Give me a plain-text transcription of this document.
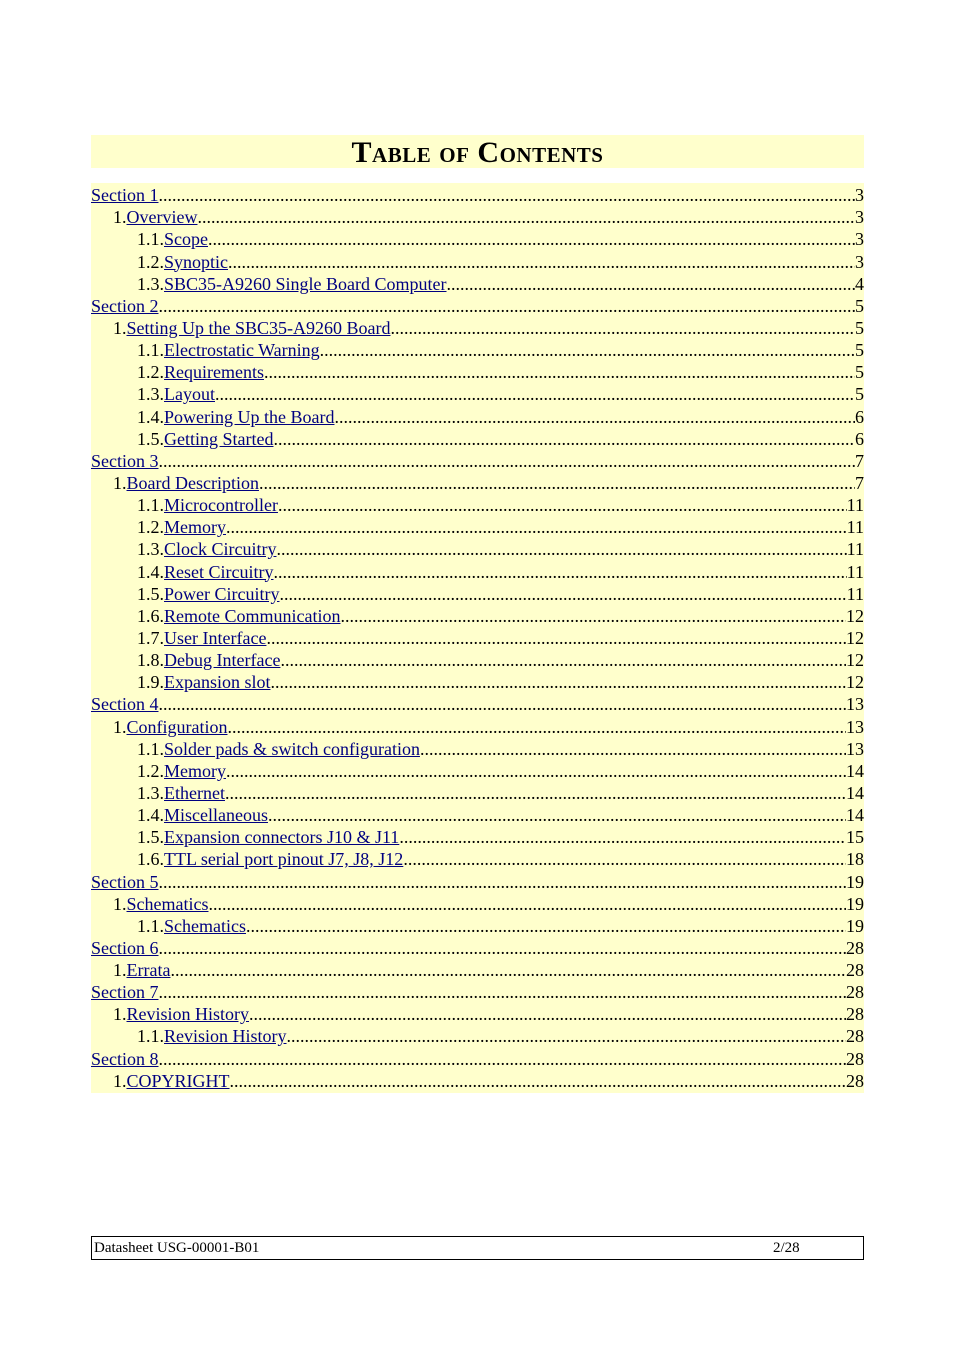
Table of Contents
Section 1 .....	3
1. Overview .....	3
1.1. Scope .....	3
1.2. Synoptic .....	3
1.3. SBC35-A9260 Single Board Computer .....	4
Section 2 .....	5
1. Setting Up the SBC35-A9260 Board .....	5
1.1. Electrostatic Warning .....	5
1.2. Requirements .....	5
1.3. Layout .....	5
1.4. Powering Up the Board .....	6
1.5. Getting Started .....	6
Section 3 .....	7
1. Board Description .....	7
1.1. Microcontroller .....	11
1.2. Memory .....	11
1.3. Clock Circuitry .....	11
1.4. Reset Circuitry .....	11
1.5. Power Circuitry .....	11
1.6. Remote Communication .....	12
1.7. User Interface .....	12
1.8. Debug Interface .....	12
1.9. Expansion slot .....	12
Section 4 .....	13
1. Configuration .....	13
1.1. Solder pads & switch configuration .....	13
1.2. Memory .....	14
1.3. Ethernet .....	14
1.4. Miscellaneous .....	14
1.5. Expansion connectors J10 & J11 .....	15
1.6. TTL serial port pinout J7, J8, J12 .....	18
Section 5 .....	19
1. Schematics .....	19
1.1. Schematics .....	19
Section 6 .....	28
1. Errata .....	28
Section 7 .....	28
1. Revision History .....	28
1.1. Revision History .....	28
Section 8 .....	28
1. COPYRIGHT .....	28
Datasheet USG-00001-B01	2/28
